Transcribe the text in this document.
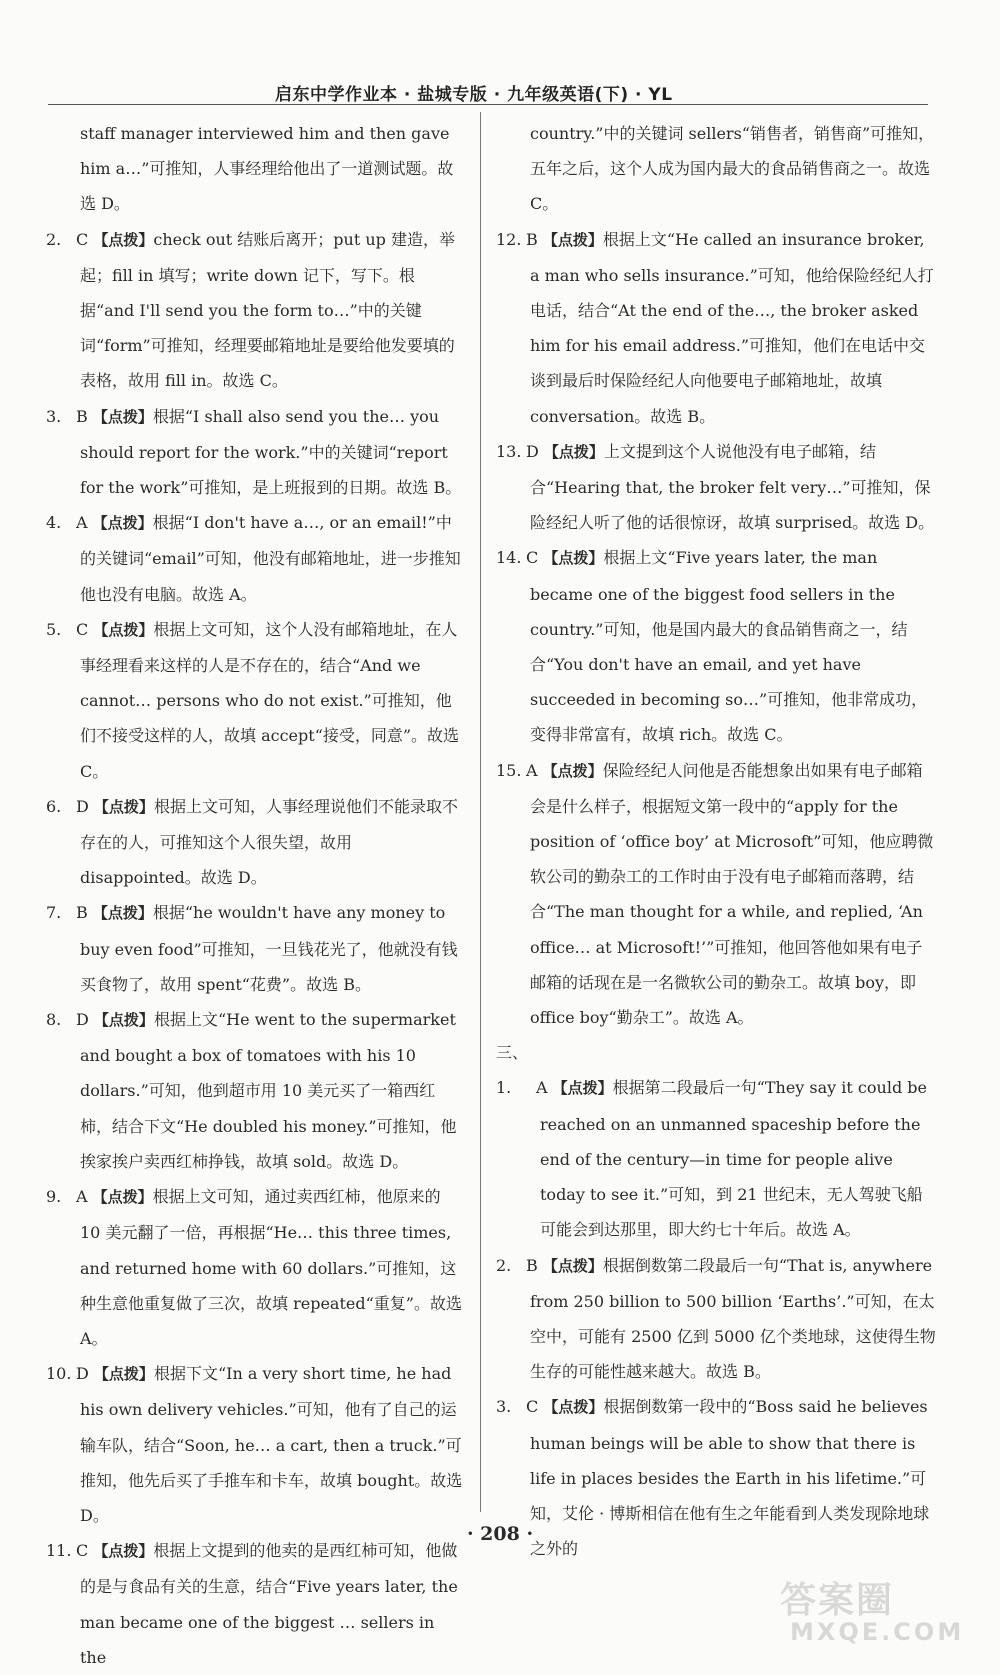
启东中学作业本 · 盐城专版 · 九年级英语(下) · YL

staff manager interviewed him and then gave him a…”可推知，人事经理给他出了一道测试题。故选 D。

2. C 【点拨】check out 结账后离开；put up 建造，举起；fill in 填写；write down 记下，写下。根据“and I'll send you the form to…”中的关键词“form”可推知，经理要邮箱地址是要给他发要填的表格，故用 fill in。故选 C。

3. B 【点拨】根据“I shall also send you the… you should report for the work.”中的关键词“report for the work”可推知，是上班报到的日期。故选 B。

4. A 【点拨】根据“I don't have a…, or an email!”中的关键词“email”可知，他没有邮箱地址，进一步推知他也没有电脑。故选 A。

5. C 【点拨】根据上文可知，这个人没有邮箱地址，在人事经理看来这样的人是不存在的，结合“And we cannot… persons who do not exist.”可推知，他们不接受这样的人，故填 accept“接受，同意”。故选 C。

6. D 【点拨】根据上文可知，人事经理说他们不能录取不存在的人，可推知这个人很失望，故用 disappointed。故选 D。

7. B 【点拨】根据“he wouldn't have any money to buy even food”可推知，一旦钱花光了，他就没有钱买食物了，故用 spent“花费”。故选 B。

8. D 【点拨】根据上文“He went to the supermarket and bought a box of tomatoes with his 10 dollars.”可知，他到超市用 10 美元买了一箱西红柿，结合下文“He doubled his money.”可推知，他挨家挨户卖西红柿挣钱，故填 sold。故选 D。

9. A 【点拨】根据上文可知，通过卖西红柿，他原来的 10 美元翻了一倍，再根据“He… this three times, and returned home with 60 dollars.”可推知，这种生意他重复做了三次，故填 repeated“重复”。故选 A。

10. D 【点拨】根据下文“In a very short time, he had his own delivery vehicles.”可知，他有了自己的运输车队，结合“Soon, he… a cart, then a truck.”可推知，他先后买了手推车和卡车，故填 bought。故选 D。

11. C 【点拨】根据上文提到的他卖的是西红柿可知，他做的是与食品有关的生意，结合“Five years later, the man became one of the biggest … sellers in the

country.”中的关键词 sellers“销售者，销售商”可推知，五年之后，这个人成为国内最大的食品销售商之一。故选 C。

12. B 【点拨】根据上文“He called an insurance broker, a man who sells insurance.”可知，他给保险经纪人打电话，结合“At the end of the…, the broker asked him for his email address.”可推知，他们在电话中交谈到最后时保险经纪人向他要电子邮箱地址，故填 conversation。故选 B。

13. D 【点拨】上文提到这个人说他没有电子邮箱，结合“Hearing that, the broker felt very…”可推知，保险经纪人听了他的话很惊讶，故填 surprised。故选 D。

14. C 【点拨】根据上文“Five years later, the man became one of the biggest food sellers in the country.”可知，他是国内最大的食品销售商之一，结合“You don't have an email, and yet have succeeded in becoming so…”可推知，他非常成功，变得非常富有，故填 rich。故选 C。

15. A 【点拨】保险经纪人问他是否能想象出如果有电子邮箱会是什么样子，根据短文第一段中的“apply for the position of ‘office boy’ at Microsoft”可知，他应聘微软公司的勤杂工的工作时由于没有电子邮箱而落聘，结合“The man thought for a while, and replied, ‘An office… at Microsoft!’”可推知，他回答他如果有电子邮箱的话现在是一名微软公司的勤杂工。故填 boy，即 office boy“勤杂工”。故选 A。

三、1. A 【点拨】根据第二段最后一句“They say it could be reached on an unmanned spaceship before the end of the century—in time for people alive today to see it.”可知，到 21 世纪末，无人驾驶飞船可能会到达那里，即大约七十年后。故选 A。

2. B 【点拨】根据倒数第二段最后一句“That is, anywhere from 250 billion to 500 billion ‘Earths’.”可知，在太空中，可能有 2500 亿到 5000 亿个类地球，这使得生物生存的可能性越来越大。故选 B。

3. C 【点拨】根据倒数第一段中的“Boss said he believes human beings will be able to show that there is life in places besides the Earth in his lifetime.”可知，艾伦 · 博斯相信在他有生之年能看到人类发现除地球之外的

· 208 ·
答案圈
MXQE.COM
